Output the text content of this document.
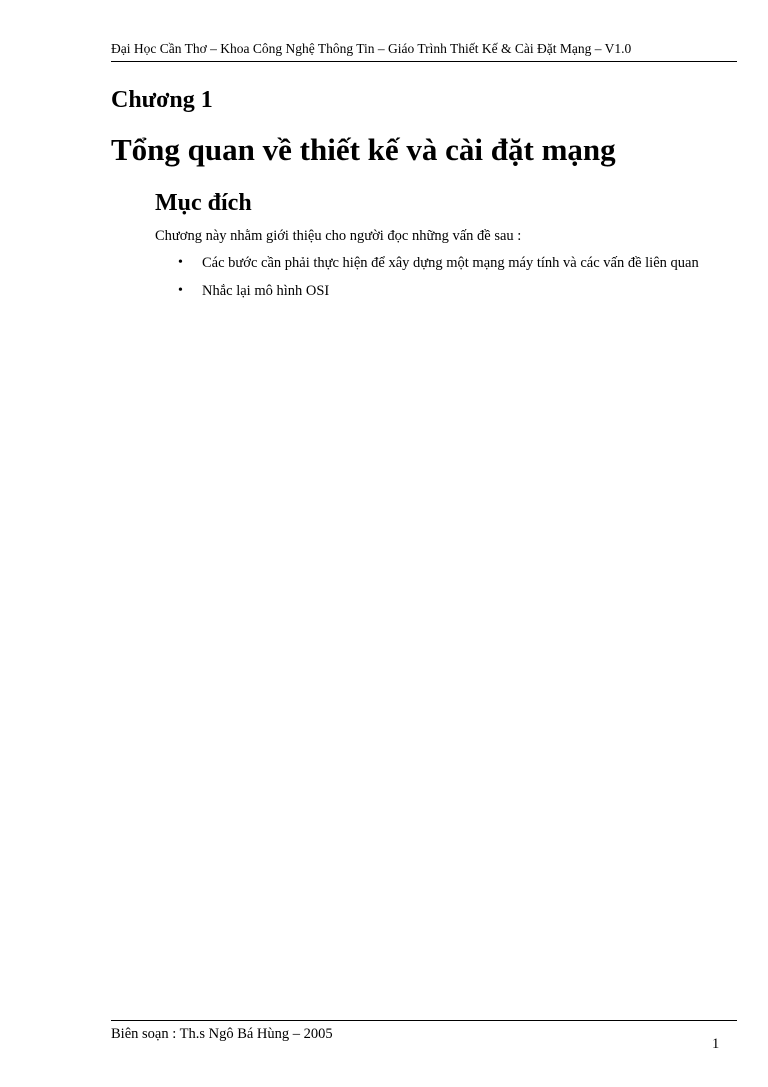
Đại Học Cần Thơ – Khoa Công Nghệ Thông Tin – Giáo Trình Thiết Kế & Cài Đặt Mạng – V1.0
Chương 1
Tổng quan về thiết kế và cài đặt mạng
Mục đích
Chương này nhằm giới thiệu cho người đọc những vấn đề sau :
• Các bước cần phải thực hiện để xây dựng một mạng máy tính và các vấn đề liên quan
• Nhắc lại mô hình OSI
Biên soạn : Th.s Ngô Bá Hùng – 2005
1
